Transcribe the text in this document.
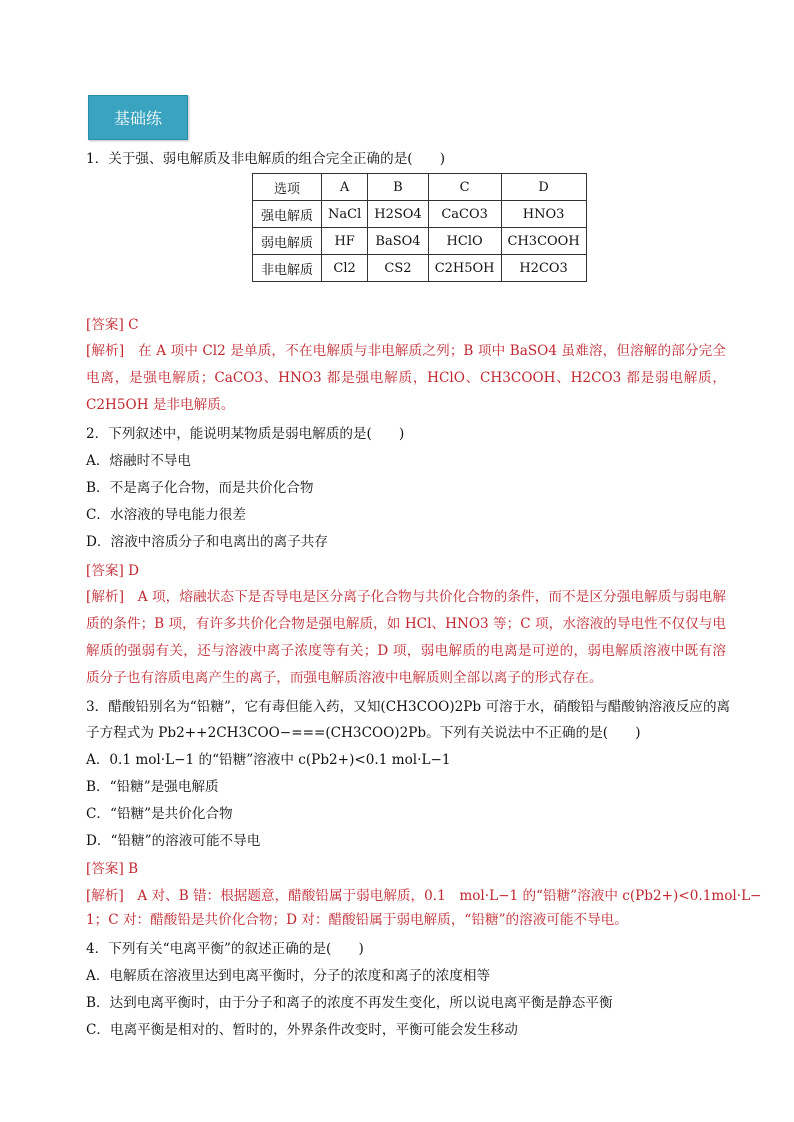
基础练
1．关于强、弱电解质及非电解质的组合完全正确的是(　　)
选项	A	B	C	D
强电解质	NaCl	H2SO4	CaCO3	HNO3
弱电解质	HF	BaSO4	HClO	CH3COOH
非电解质	Cl2	CS2	C2H5OH	H2CO3
[答案] C
[解析]　在 A 项中 Cl2 是单质，不在电解质与非电解质之列；B 项中 BaSO4 虽难溶，但溶解的部分完全电离，是强电解质；CaCO3、HNO3 都是强电解质，HClO、CH3COOH、H2CO3 都是弱电解质，C2H5OH 是非电解质。
2．下列叙述中，能说明某物质是弱电解质的是(　　)
A．熔融时不导电
B．不是离子化合物，而是共价化合物
C．水溶液的导电能力很差
D．溶液中溶质分子和电离出的离子共存
[答案] D
[解析]　A 项，熔融状态下是否导电是区分离子化合物与共价化合物的条件，而不是区分强电解质与弱电解质的条件；B 项，有许多共价化合物是强电解质，如 HCl、HNO3 等；C 项，水溶液的导电性不仅仅与电解质的强弱有关，还与溶液中离子浓度等有关；D 项，弱电解质的电离是可逆的，弱电解质溶液中既有溶质分子也有溶质电离产生的离子，而强电解质溶液中电解质则全部以离子的形式存在。
3．醋酸铅别名为“铅糖”，它有毒但能入药，又知(CH3COO)2Pb 可溶于水，硝酸铅与醋酸钠溶液反应的离
子方程式为 Pb2++2CH3COO−===(CH3COO)2Pb。下列有关说法中不正确的是(　　)
A．0.1 mol·L−1 的“铅糖”溶液中 c(Pb2+)<0.1 mol·L−1
B．“铅糖”是强电解质
C．“铅糖”是共价化合物
D．“铅糖”的溶液可能不导电
[答案] B
[解析]　A 对、B 错：根据题意，醋酸铅属于弱电解质，0.1　mol·L−1 的“铅糖”溶液中 c(Pb2+)<0.1mol·L−
1；C 对：醋酸铅是共价化合物；D 对：醋酸铅属于弱电解质，“铅糖”的溶液可能不导电。
4．下列有关“电离平衡”的叙述正确的是(　　)
A．电解质在溶液里达到电离平衡时，分子的浓度和离子的浓度相等
B．达到电离平衡时，由于分子和离子的浓度不再发生变化，所以说电离平衡是静态平衡
C．电离平衡是相对的、暂时的，外界条件改变时，平衡可能会发生移动
